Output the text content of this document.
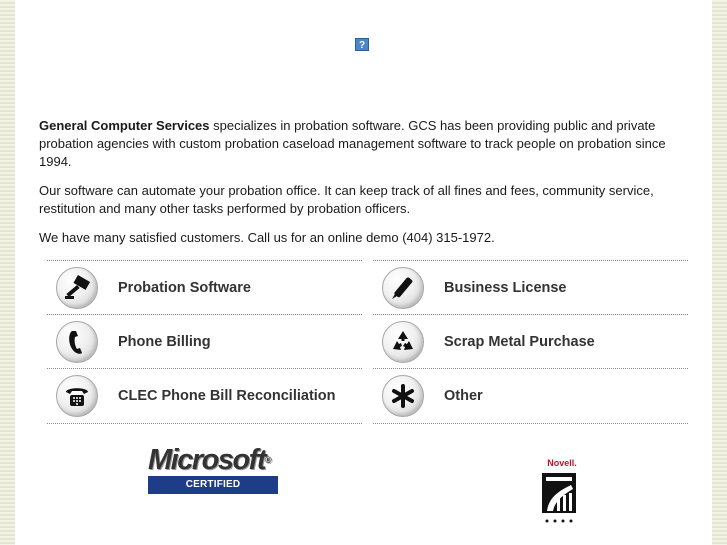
?

General Computer Services specializes in probation software. GCS has been providing public and private probation agencies with custom probation caseload management software to track people on probation since 1994.

Our software can automate your probation office. It can keep track of all fines and fees, community service, restitution and many other tasks performed by probation officers.

We have many satisfied customers. Call us for an online demo (404) 315-1972.

Probation Software	Business License
Phone Billing	Scrap Metal Purchase
CLEC Phone Bill Reconciliation	Other
Microsoft®
CERTIFIED PROFESSIONAL
Novell.
